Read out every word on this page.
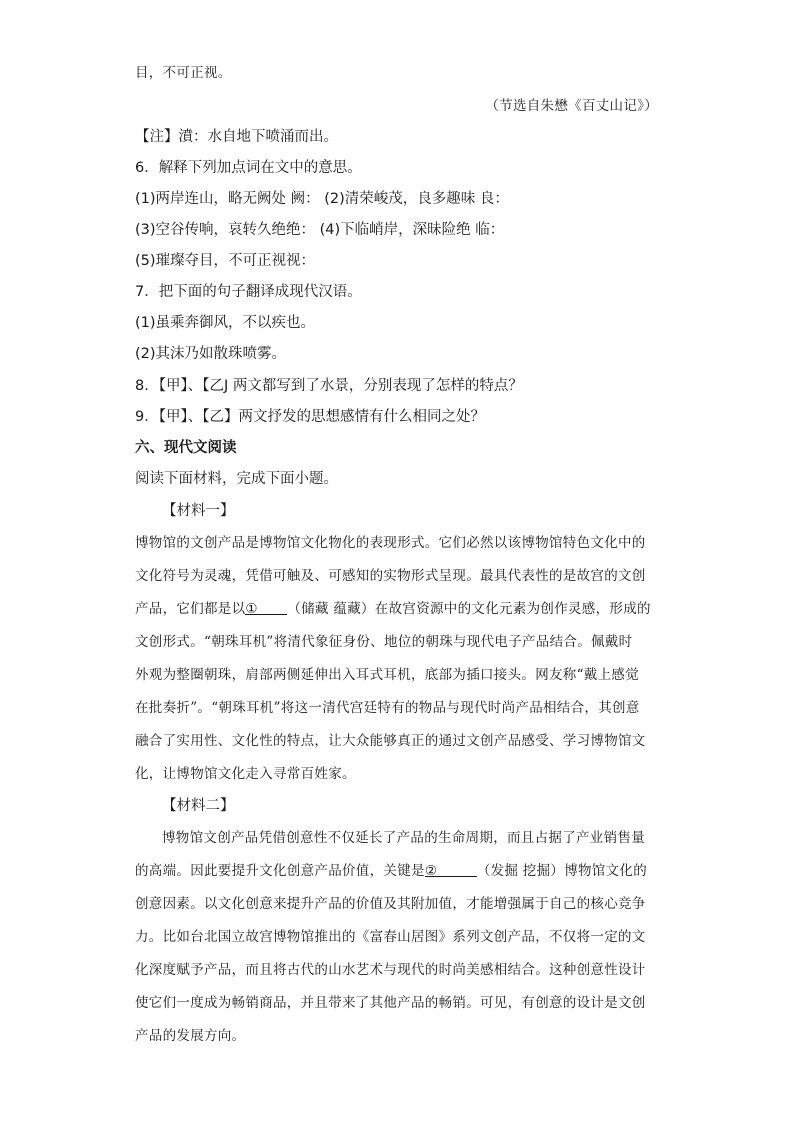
目，不可正视。
（节选自朱懋《百丈山记》）
【注】濆：水自地下喷涌而出。
6．解释下列加点词在文中的意思。
(1)两岸连山，略无阙处 阙： (2)清荣峻茂，良多趣味 良：
(3)空谷传响，哀转久绝绝： (4)下临峭岸，深昧险绝 临：
(5)璀璨夺目，不可正视视：
7．把下面的句子翻译成现代汉语。
(1)虽乘奔御风，不以疾也。
(2)其沫乃如散珠喷雾。
8．【甲】、【乙J 两文都写到了水景，分别表现了怎样的特点？
9．【甲】、【乙】两文抒发的思想感情有什么相同之处？
六、现代文阅读
阅读下面材料，完成下面小题。
【材料一】
博物馆的文创产品是博物馆文化物化的表现形式。它们必然以该博物馆特色文化中的
文化符号为灵魂，凭借可触及、可感知的实物形式呈现。最具代表性的是故宫的文创
产品，它们都是以① （储藏 蕴藏）在故宫资源中的文化元素为创作灵感，形成的
文创形式。“朝珠耳机”将清代象征身份、地位的朝珠与现代电子产品结合。佩戴时
外观为整圈朝珠，肩部两侧延伸出入耳式耳机，底部为插口接头。网友称“戴上感觉
在批奏折”。“朝珠耳机”将这一清代宫廷特有的物品与现代时尚产品相结合，其创意
融合了实用性、文化性的特点，让大众能够真正的通过文创产品感受、学习博物馆文
化，让博物馆文化走入寻常百姓家。
【材料二】
博物馆文创产品凭借创意性不仅延长了产品的生命周期，而且占据了产业销售量
的高端。因此要提升文化创意产品价值，关键是②	（发掘 挖掘）博物馆文化的
创意因素。以文化创意来提升产品的价值及其附加值，才能增强属于自己的核心竞争
力。比如台北国立故宫博物馆推出的《富春山居图》系列文创产品，不仅将一定的文
化深度赋予产品，而且将古代的山水艺术与现代的时尚美感相结合。这种创意性设计
使它们一度成为畅销商品，并且带来了其他产品的畅销。可见，有创意的设计是文创
产品的发展方向。
